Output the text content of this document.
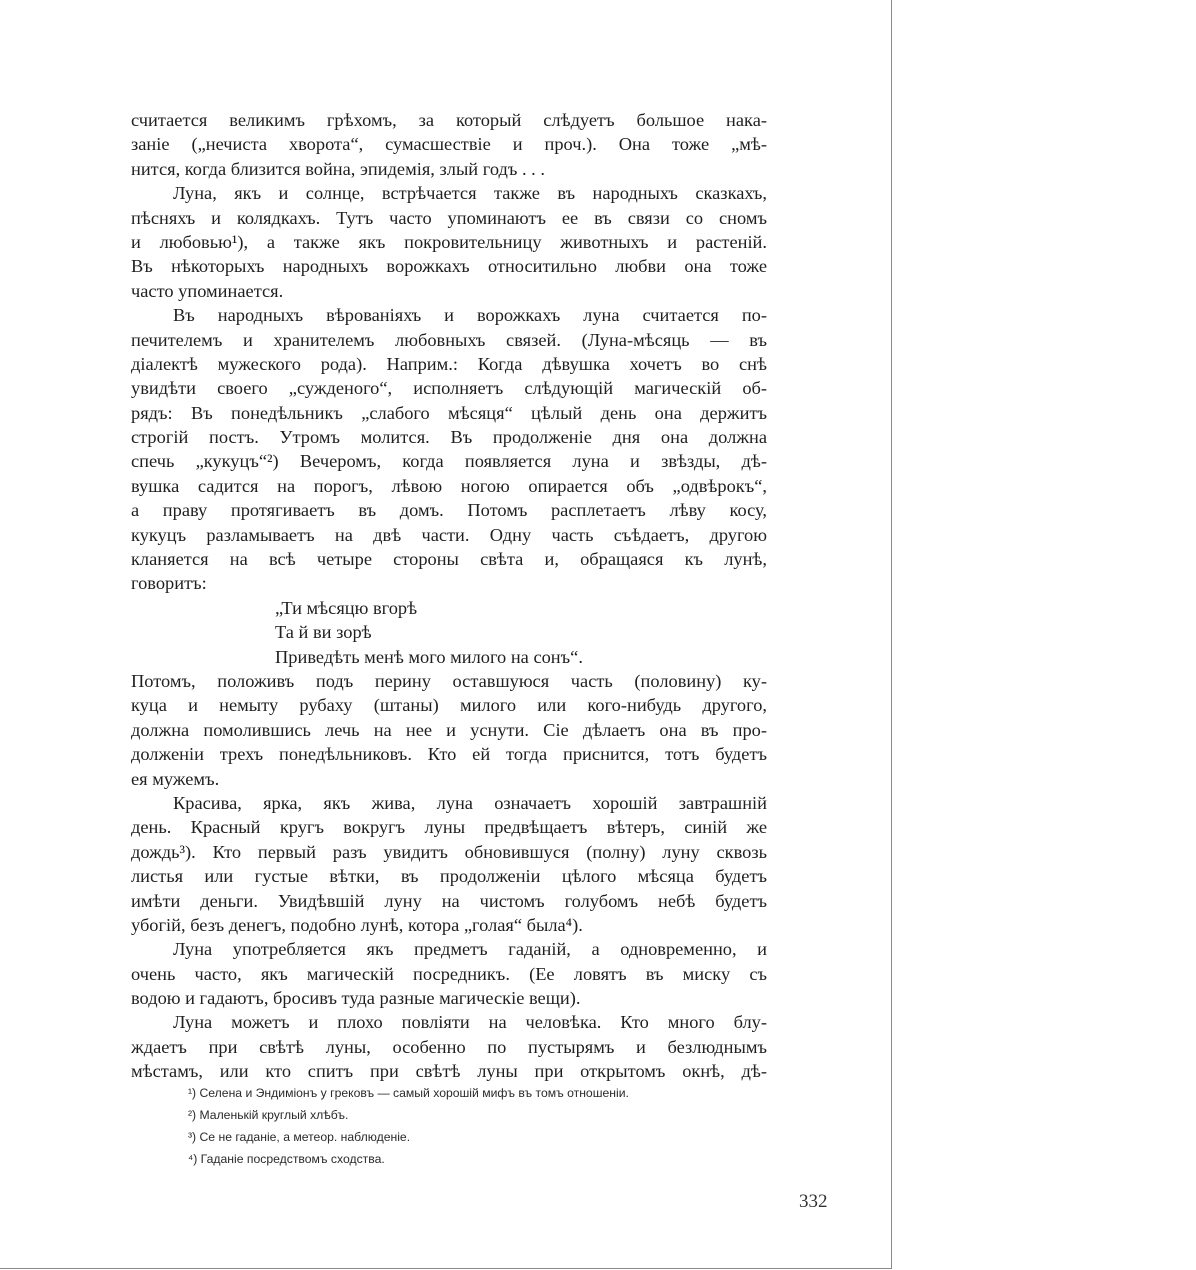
считается великимъ грѣхомъ, за который слѣдуетъ большое нака-
заніе („нечиста хворота“, сумасшествіе и проч.). Она тоже „мѣ-
нится, когда близится война, эпидемія, злый годъ . . .
Луна, якъ и солнце, встрѣчается также въ народныхъ сказкахъ,
пѣсняхъ и колядкахъ. Тутъ часто упоминаютъ ее въ связи со сномъ
и любовью¹), а также якъ покровительницу животныхъ и растеній.
Въ нѣкоторыхъ народныхъ ворожкахъ относитильно любви она тоже
часто упоминается.
Въ народныхъ вѣрованіяхъ и ворожкахъ луна считается по-
печителемъ и хранителемъ любовныхъ связей. (Луна-мѣсяць — въ
діалектѣ мужеского рода). Наприм.: Когда дѣвушка хочетъ во снѣ
увидѣти своего „сужденого“, исполняетъ слѣдующій магическій об-
рядъ: Въ понедѣльникъ „слабого мѣсяця“ цѣлый день она держитъ
строгій постъ. Утромъ молится. Въ продолженіе дня она должна
спечь „кукуцъ“²) Вечеромъ, когда появляется луна и звѣзды, дѣ-
вушка садится на порогъ, лѣвою ногою опирается объ „одвѣрокъ“,
а праву протягиваетъ въ домъ. Потомъ расплетаетъ лѣву косу,
кукуцъ разламываетъ на двѣ части. Одну часть съѣдаетъ, другою
кланяется на всѣ четыре стороны свѣта и, обращаяся къ лунѣ,
говоритъ:
„Ти мѣсяцю вгорѣ
Та й ви зорѣ
Приведѣть менѣ мого милого на сонъ“.
Потомъ, положивъ подъ перину оставшуюся часть (половину) ку-
куца и немыту рубаху (штаны) милого или кого-нибудь другого,
должна помолившись лечь на нее и уснути. Сіе дѣлаетъ она въ про-
долженіи трехъ понедѣльниковъ. Кто ей тогда приснится, тотъ будетъ
ея мужемъ.
Красива, ярка, якъ жива, луна означаетъ хорошій завтрашній
день. Красный кругъ вокругъ луны предвѣщаетъ вѣтеръ, синій же
дождь³). Кто первый разъ увидитъ обновившуся (полну) луну сквозь
листья или густые вѣтки, въ продолженіи цѣлого мѣсяца будетъ
имѣти деньги. Увидѣвшій луну на чистомъ голубомъ небѣ будетъ
убогій, безъ денегъ, подобно лунѣ, котора „голая“ была⁴).
Луна употребляется якъ предметъ гаданій, а одновременно, и
очень часто, якъ магическій посредникъ. (Ее ловятъ въ миску съ
водою и гадаютъ, бросивъ туда разные магическіе вещи).
Луна можетъ и плохо повліяти на человѣка. Кто много блу-
ждаетъ при свѣтѣ луны, особенно по пустырямъ и безлюднымъ
мѣстамъ, или кто спитъ при свѣтѣ луны при открытомъ окнѣ, дѣ-
¹) Селена и Эндиміонъ у грековъ — самый хорошій мифъ въ томъ отношеніи.
²) Маленькій круглый хлѣбъ.
³) Се не гаданіе, а метеор. наблюденіе.
⁴) Гаданіе посредствомъ сходства.
332
